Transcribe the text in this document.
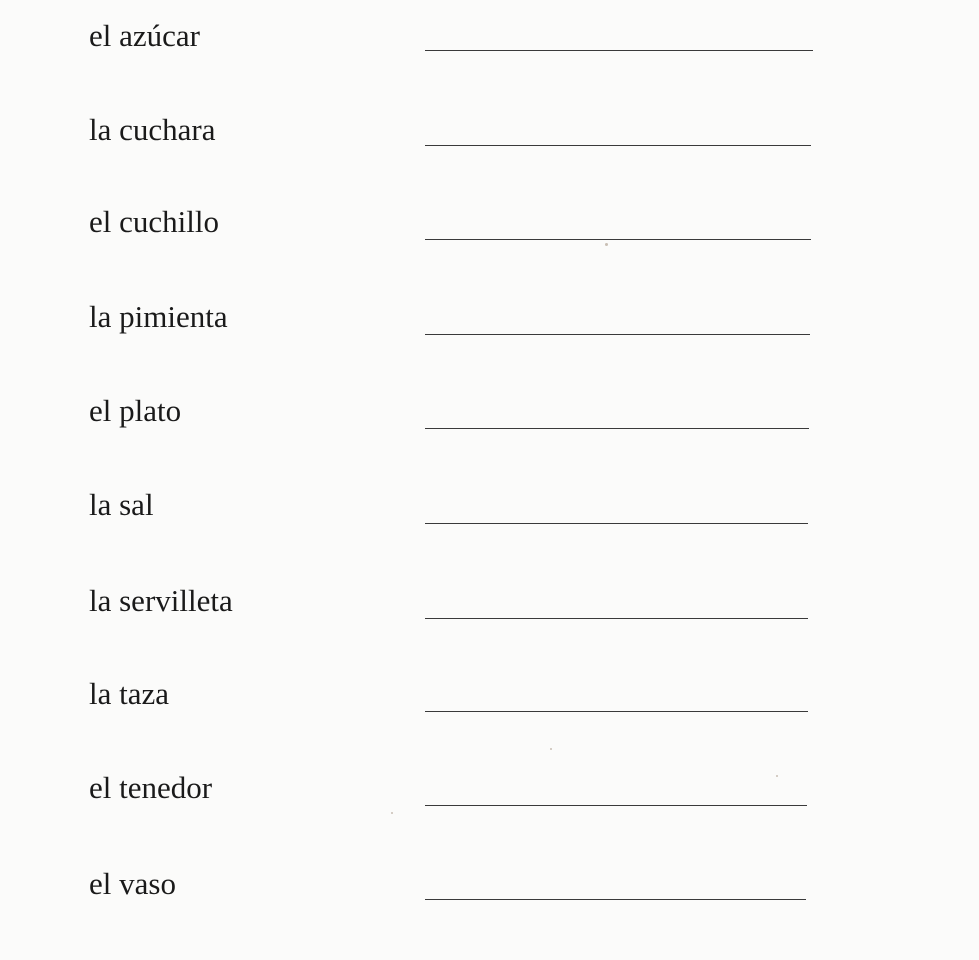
el azúcar
la cuchara
el cuchillo
la pimienta
el plato
la sal
la servilleta
la taza
el tenedor
el vaso
